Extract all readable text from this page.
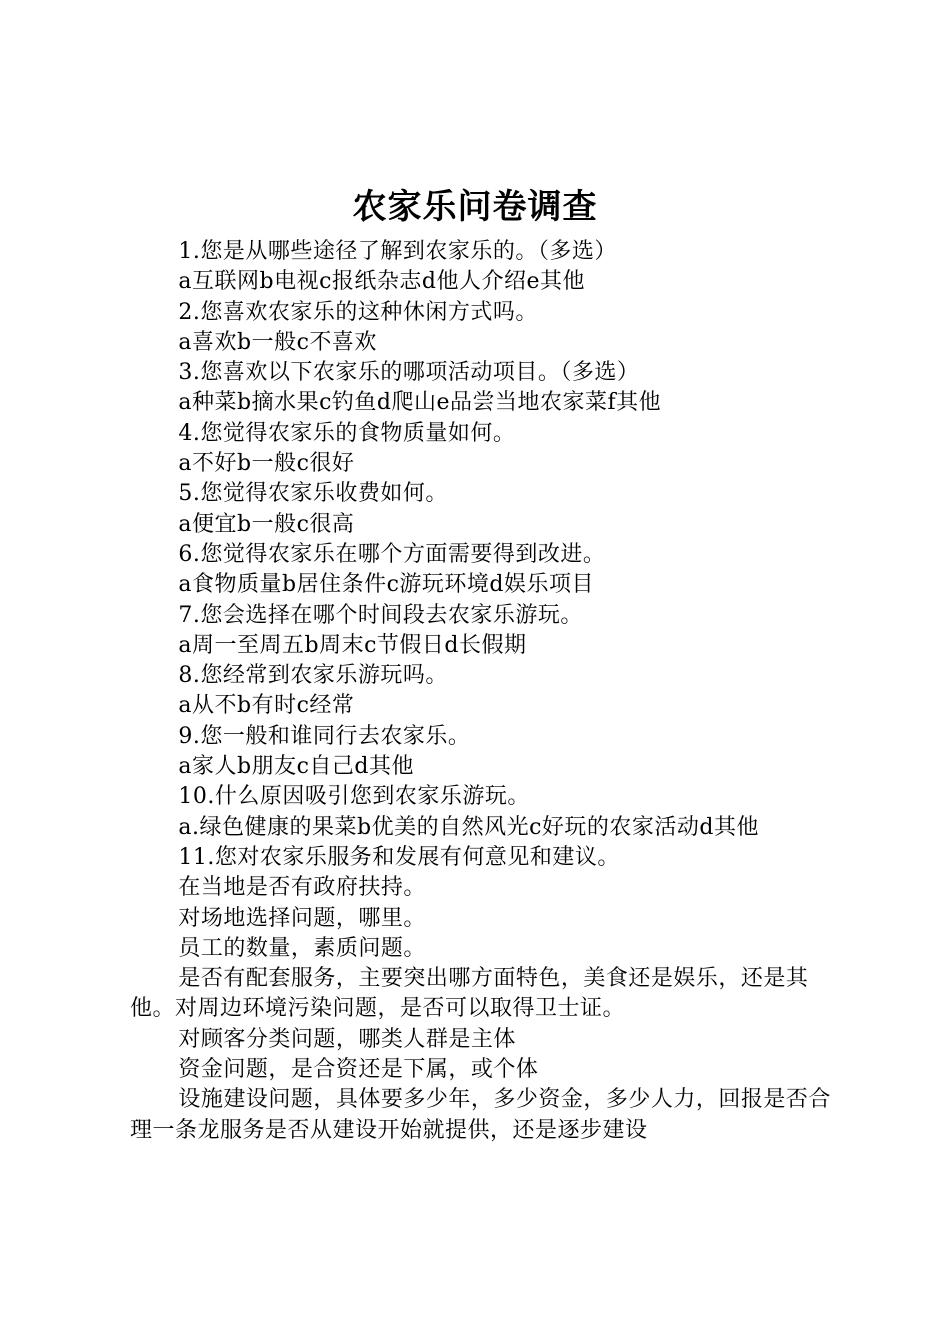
农家乐问卷调查

1.您是从哪些途径了解到农家乐的。（多选）

a互联网b电视c报纸杂志d他人介绍e其他

2.您喜欢农家乐的这种休闲方式吗。

a喜欢b一般c不喜欢

3.您喜欢以下农家乐的哪项活动项目。（多选）

a种菜b摘水果c钓鱼d爬山e品尝当地农家菜f其他

4.您觉得农家乐的食物质量如何。

a不好b一般c很好

5.您觉得农家乐收费如何。

a便宜b一般c很高

6.您觉得农家乐在哪个方面需要得到改进。

a食物质量b居住条件c游玩环境d娱乐项目

7.您会选择在哪个时间段去农家乐游玩。

a周一至周五b周末c节假日d长假期

8.您经常到农家乐游玩吗。

a从不b有时c经常

9.您一般和谁同行去农家乐。

a家人b朋友c自己d其他

10.什么原因吸引您到农家乐游玩。

a.绿色健康的果菜b优美的自然风光c好玩的农家活动d其他

11.您对农家乐服务和发展有何意见和建议。

在当地是否有政府扶持。

对场地选择问题，哪里。

员工的数量，素质问题。

是否有配套服务，主要突出哪方面特色，美食还是娱乐，还是其他。对周边环境污染问题，是否可以取得卫士证。

对顾客分类问题，哪类人群是主体

资金问题，是合资还是下属，或个体

设施建设问题，具体要多少年，多少资金，多少人力，回报是否合理一条龙服务是否从建设开始就提供，还是逐步建设
